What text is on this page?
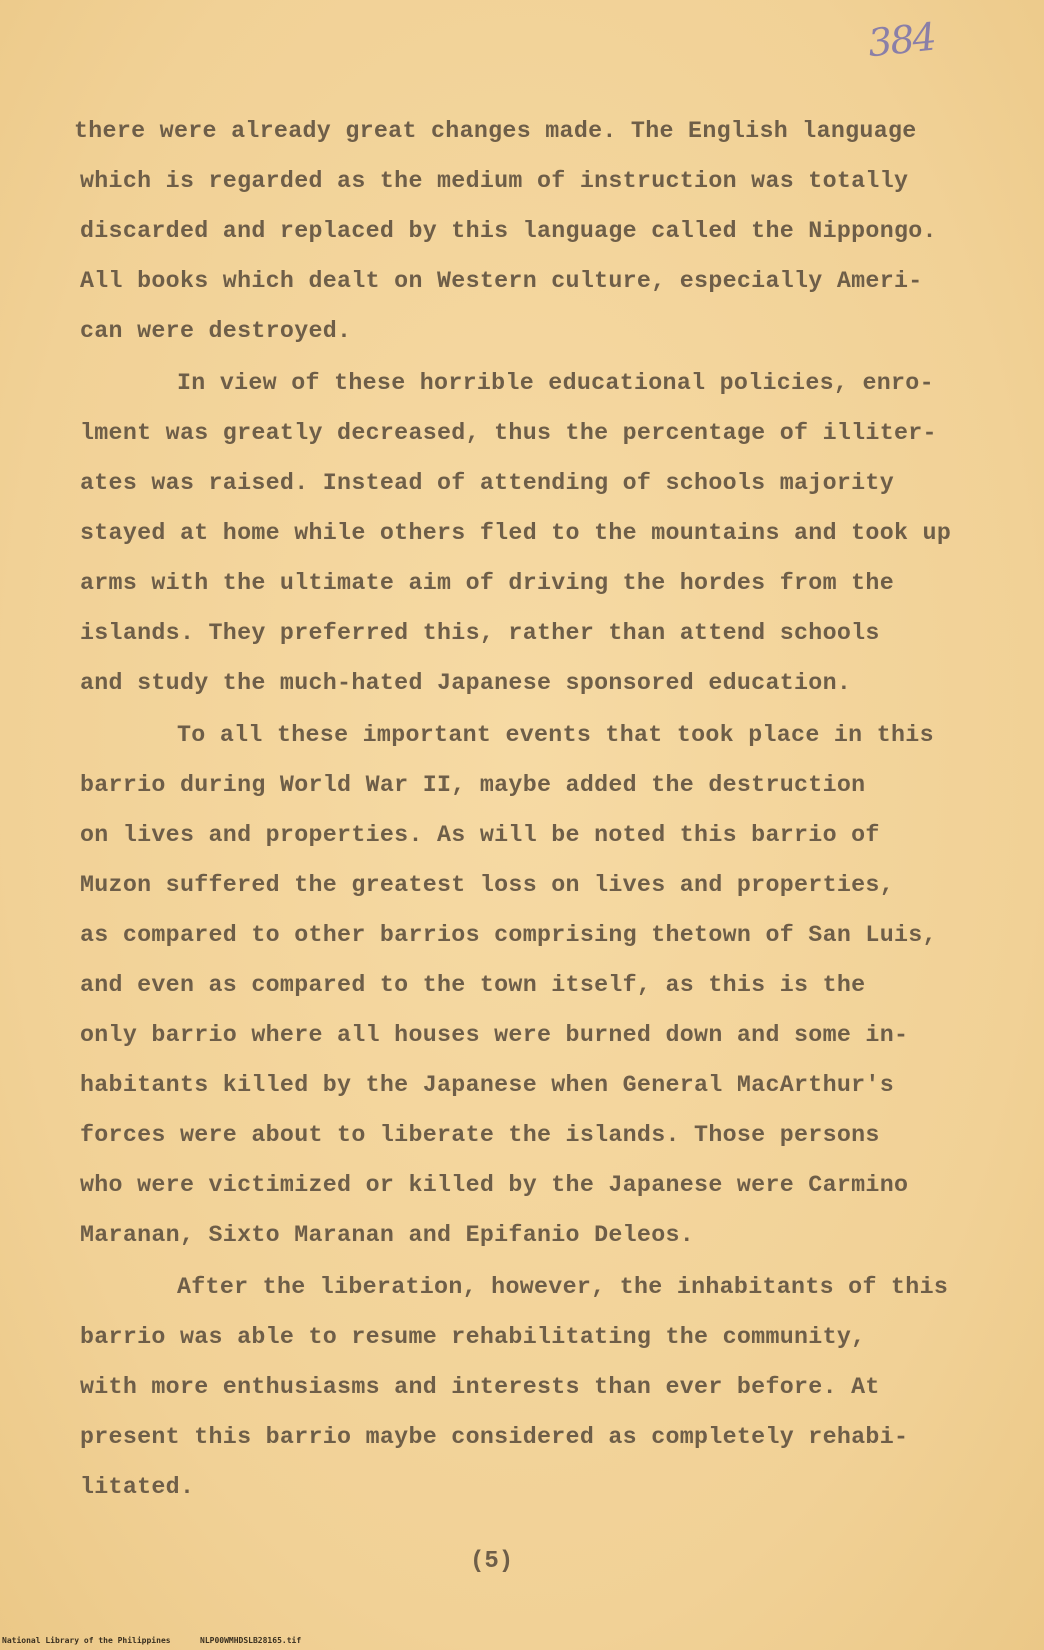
384
there were already great changes made. The English language
which is regarded as the medium of instruction was totally
discarded and replaced by this language called the Nippongo.
All books which dealt on Western culture, especially Ameri-
can were destroyed.
In view of these horrible educational policies, enro-
lment was greatly decreased, thus the percentage of illiter-
ates was raised. Instead of attending of schools majority
stayed at home while others fled to the mountains and took up
arms with the ultimate aim of driving the hordes from the
islands. They preferred this, rather than attend schools
and study the much-hated Japanese sponsored education.
To all these important events that took place in this
barrio during World War II, maybe added the destruction
on lives and properties. As will be noted this barrio of
Muzon suffered the greatest loss on lives and properties,
as compared to other barrios comprising thetown of San Luis,
and even as compared to the town itself, as this is the
only barrio where all houses were burned down and some in-
habitants killed by the Japanese when General MacArthur's
forces were about to liberate the islands. Those persons
who were victimized or killed by the Japanese were Carmino
Maranan, Sixto Maranan and Epifanio Deleos.
After the liberation, however, the inhabitants of this
barrio was able to resume rehabilitating the community,
with more enthusiasms and interests than ever before. At
present this barrio maybe considered as completely rehabi-
litated.
(5)
National Library of the Philippines	NLP00WMHDSLB28165.tif
